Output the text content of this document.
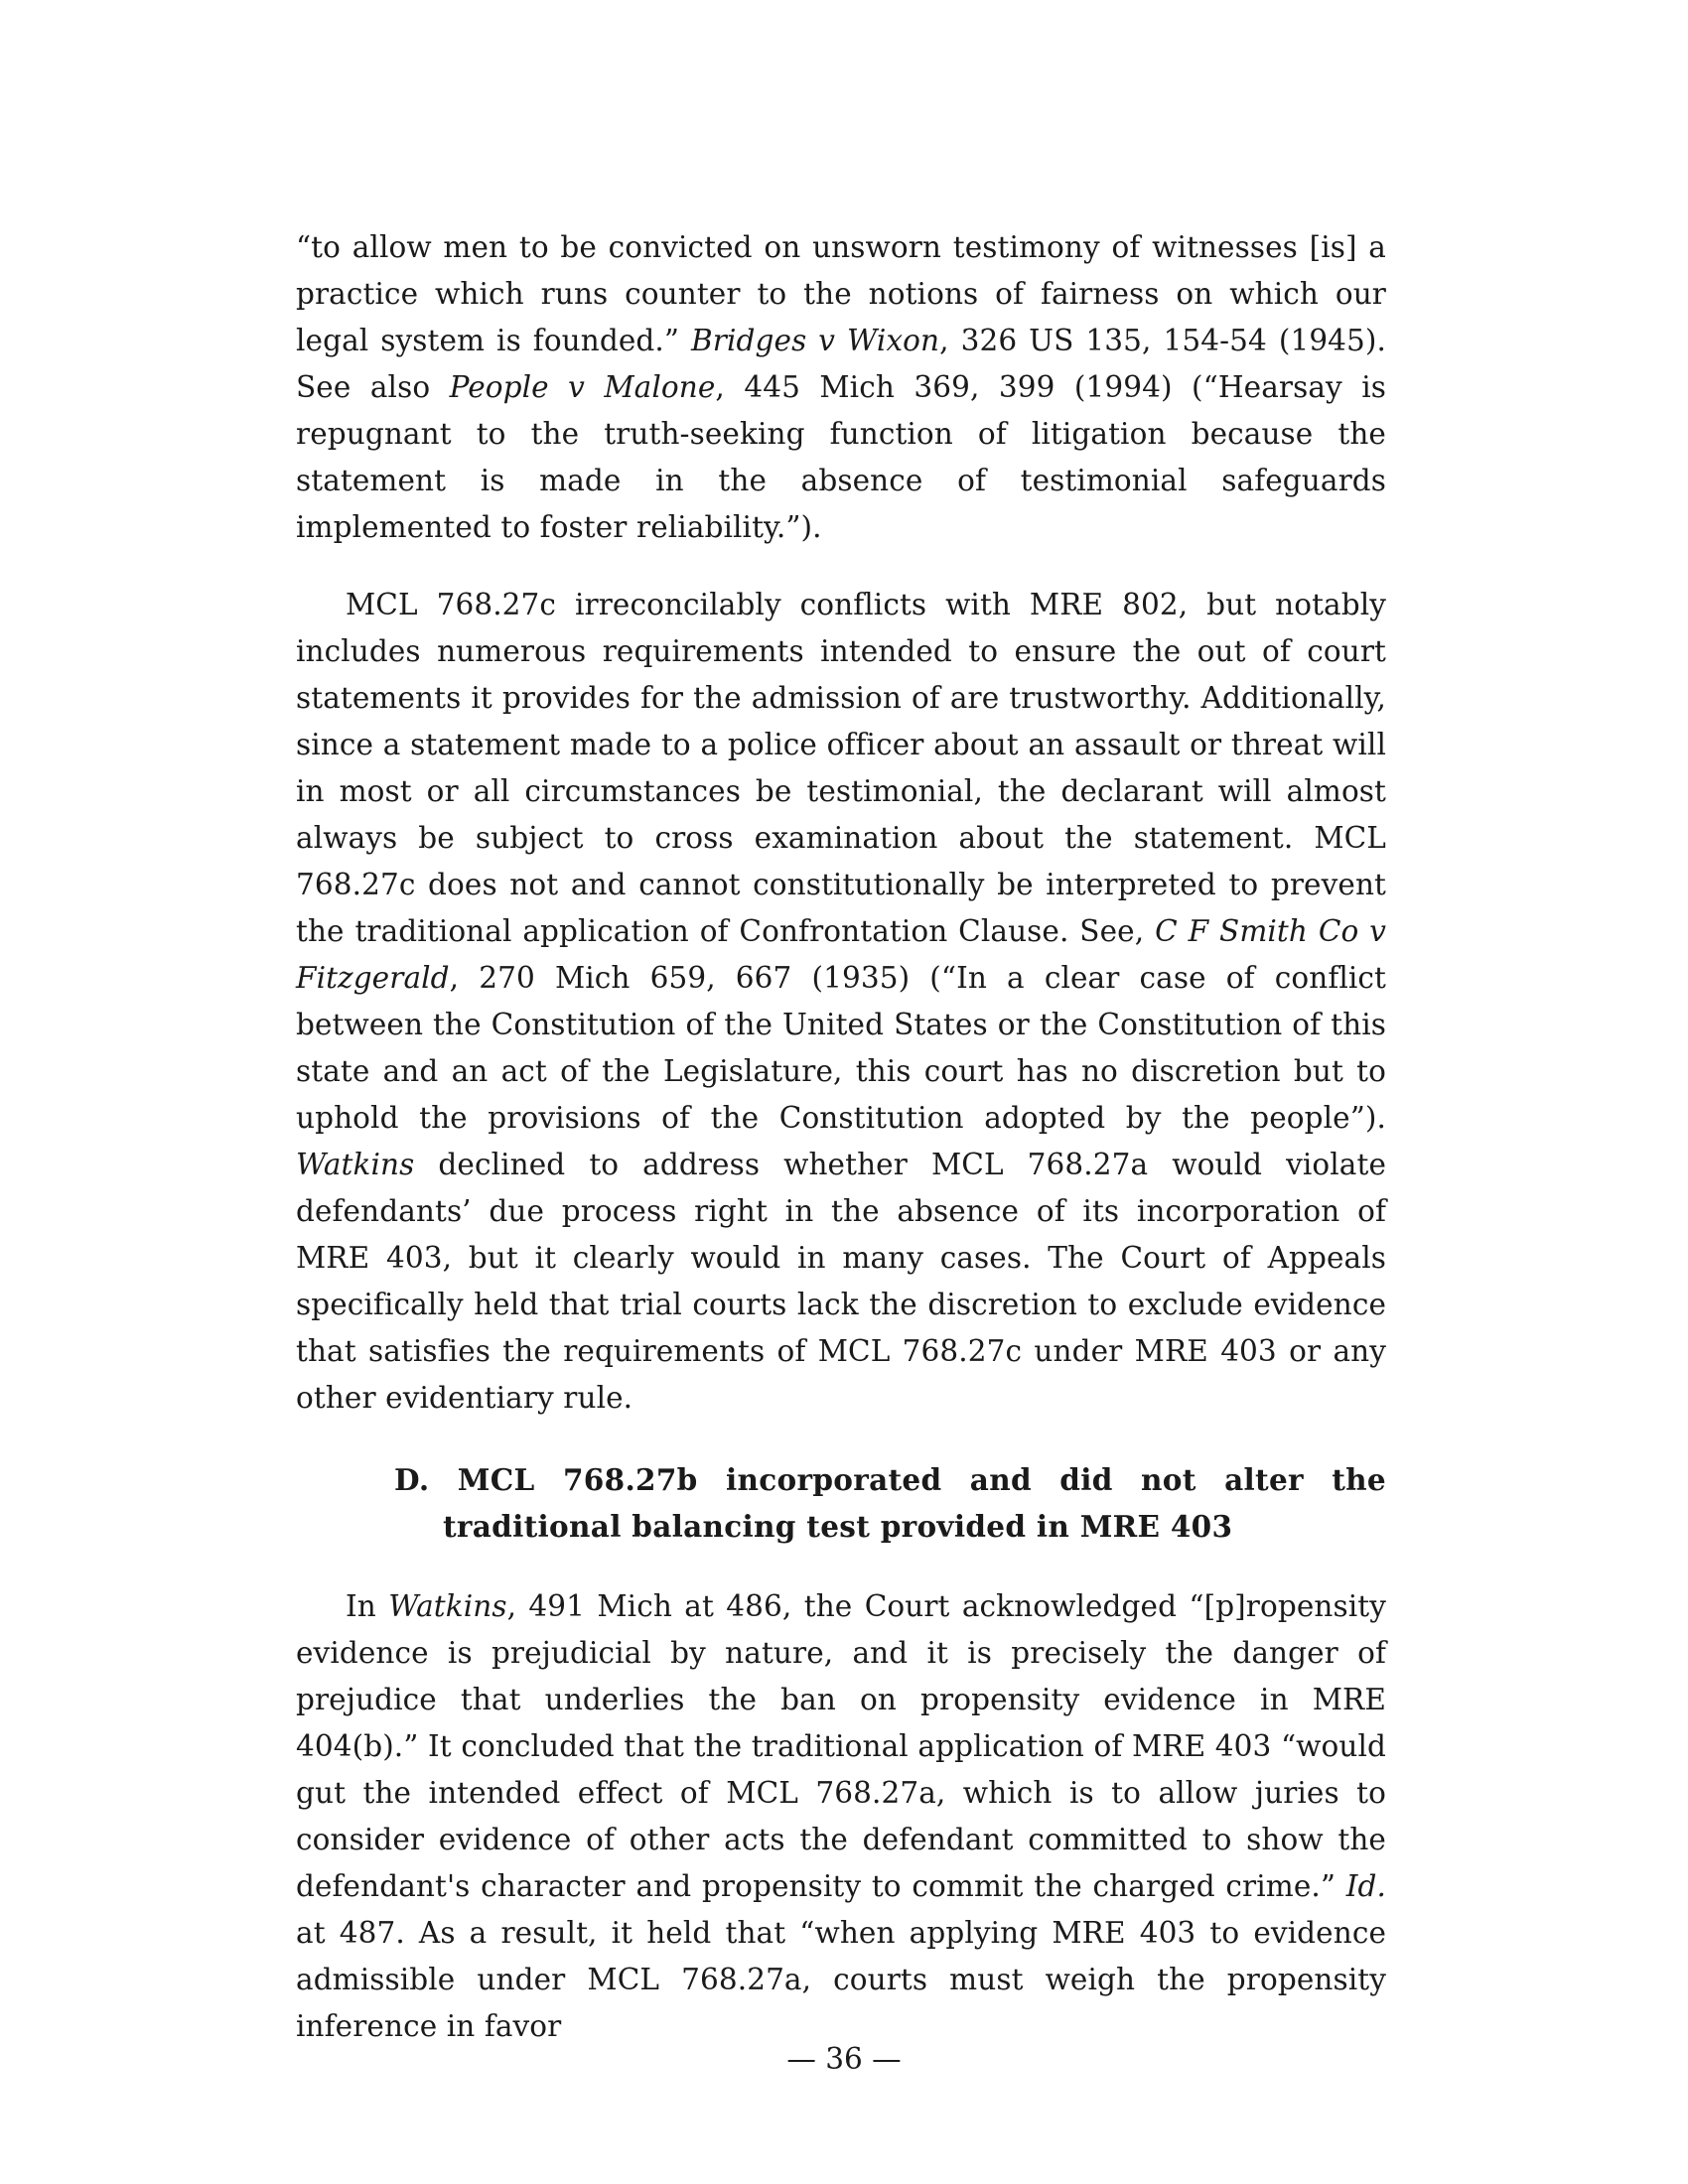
“to allow men to be convicted on unsworn testimony of witnesses [is] a practice which runs counter to the notions of fairness on which our legal system is founded.” Bridges v Wixon, 326 US 135, 154-54 (1945). See also People v Malone, 445 Mich 369, 399 (1994) (“Hearsay is repugnant to the truth-seeking function of litigation because the statement is made in the absence of testimonial safeguards implemented to foster reliability.”).

MCL 768.27c irreconcilably conflicts with MRE 802, but notably includes numerous requirements intended to ensure the out of court statements it provides for the admission of are trustworthy. Additionally, since a statement made to a police officer about an assault or threat will in most or all circumstances be testimonial, the declarant will almost always be subject to cross examination about the statement. MCL 768.27c does not and cannot constitutionally be interpreted to prevent the traditional application of Confrontation Clause. See, C F Smith Co v Fitzgerald, 270 Mich 659, 667 (1935) (“In a clear case of conflict between the Constitution of the United States or the Constitution of this state and an act of the Legislature, this court has no discretion but to uphold the provisions of the Constitution adopted by the people”). Watkins declined to address whether MCL 768.27a would violate defendants’ due process right in the absence of its incorporation of MRE 403, but it clearly would in many cases. The Court of Appeals specifically held that trial courts lack the discretion to exclude evidence that satisfies the requirements of MCL 768.27c under MRE 403 or any other evidentiary rule.

D. MCL 768.27b incorporated and did not alter the
traditional balancing test provided in MRE 403

In Watkins, 491 Mich at 486, the Court acknowledged “[p]ropensity evidence is prejudicial by nature, and it is precisely the danger of prejudice that underlies the ban on propensity evidence in MRE 404(b).” It concluded that the traditional application of MRE 403 “would gut the intended effect of MCL 768.27a, which is to allow juries to consider evidence of other acts the defendant committed to show the defendant's character and propensity to commit the charged crime.” Id. at 487. As a result, it held that “when applying MRE 403 to evidence admissible under MCL 768.27a, courts must weigh the propensity inference in favor

— 36 —
